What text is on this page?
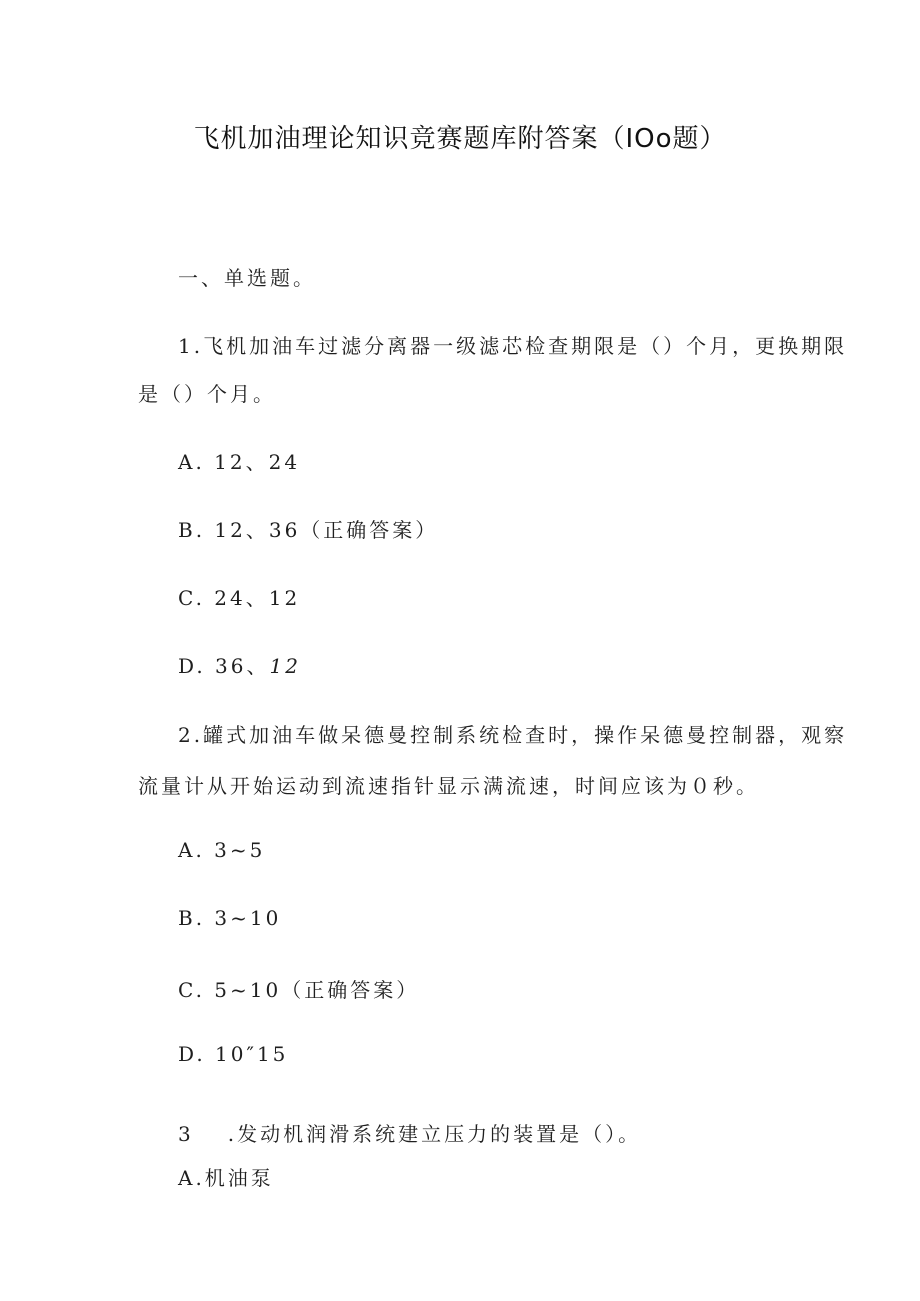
飞机加油理论知识竞赛题库附答案（IOo题）
一、单选题。
1.飞机加油车过滤分离器一级滤芯检查期限是（）个月，更换期限
是（）个月。
A. 12、24
B. 12、36（正确答案）
C. 24、12
D. 36、12
2.罐式加油车做呆德曼控制系统检查时，操作呆德曼控制器，观察
流量计从开始运动到流速指针显示满流速，时间应该为０秒。
A. 3~5
B. 3~10
C. 5~10（正确答案）
D. 10″15
3 .发动机润滑系统建立压力的装置是（）。
A.机油泵
